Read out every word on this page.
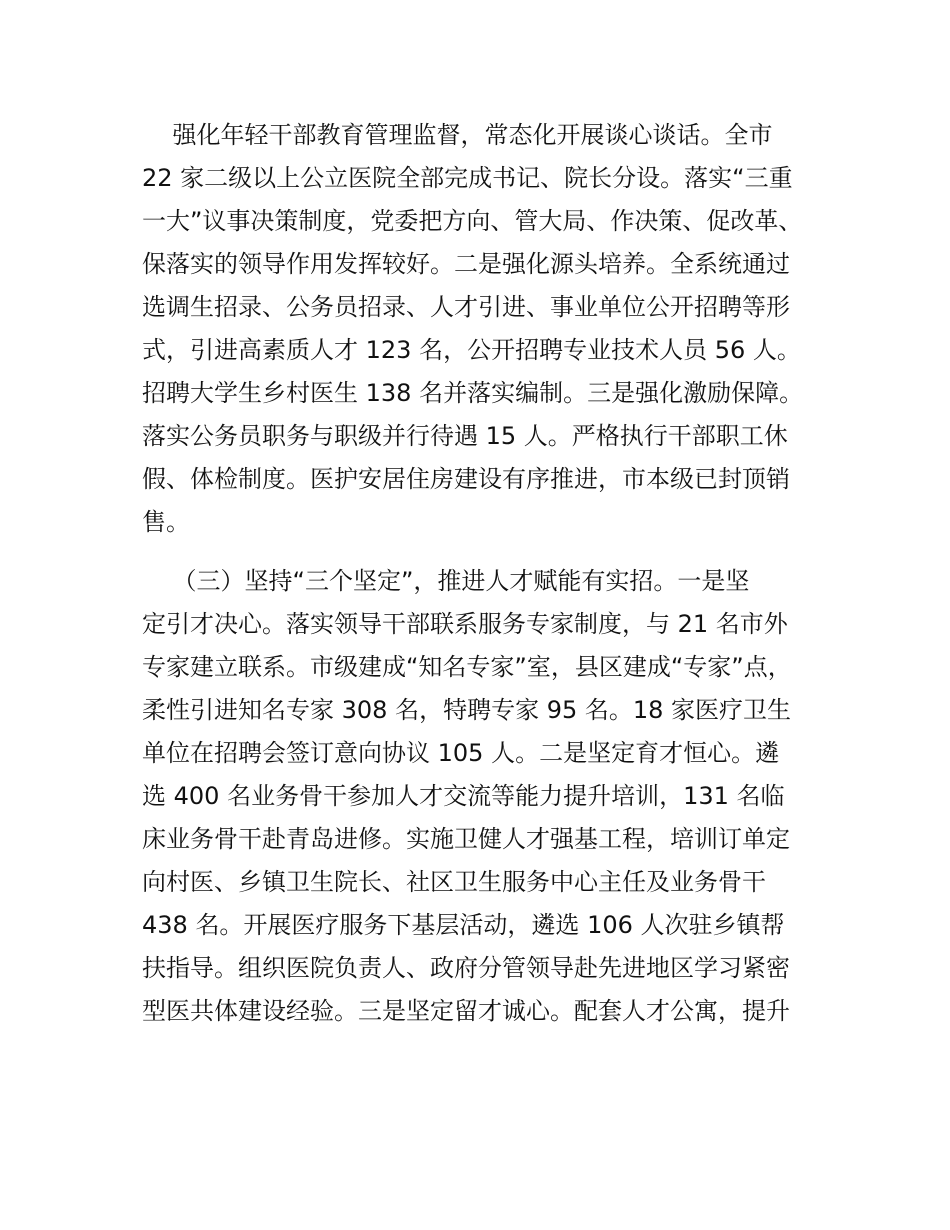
强化年轻干部教育管理监督，常态化开展谈心谈话。全市
22 家二级以上公立医院全部完成书记、院长分设。落实“三重
一大”议事决策制度，党委把方向、管大局、作决策、促改革、
保落实的领导作用发挥较好。二是强化源头培养。全系统通过
选调生招录、公务员招录、人才引进、事业单位公开招聘等形
式，引进高素质人才 123 名，公开招聘专业技术人员 56 人。
招聘大学生乡村医生 138 名并落实编制。三是强化激励保障。
落实公务员职务与职级并行待遇 15 人。严格执行干部职工休
假、体检制度。医护安居住房建设有序推进，市本级已封顶销
售。
（三）坚持“三个坚定”，推进人才赋能有实招。一是坚
定引才决心。落实领导干部联系服务专家制度，与 21 名市外
专家建立联系。市级建成“知名专家”室，县区建成“专家”点，
柔性引进知名专家 308 名，特聘专家 95 名。18 家医疗卫生
单位在招聘会签订意向协议 105 人。二是坚定育才恒心。遴
选 400 名业务骨干参加人才交流等能力提升培训，131 名临
床业务骨干赴青岛进修。实施卫健人才强基工程，培训订单定
向村医、乡镇卫生院长、社区卫生服务中心主任及业务骨干
438 名。开展医疗服务下基层活动，遴选 106 人次驻乡镇帮
扶指导。组织医院负责人、政府分管领导赴先进地区学习紧密
型医共体建设经验。三是坚定留才诚心。配套人才公寓，提升
